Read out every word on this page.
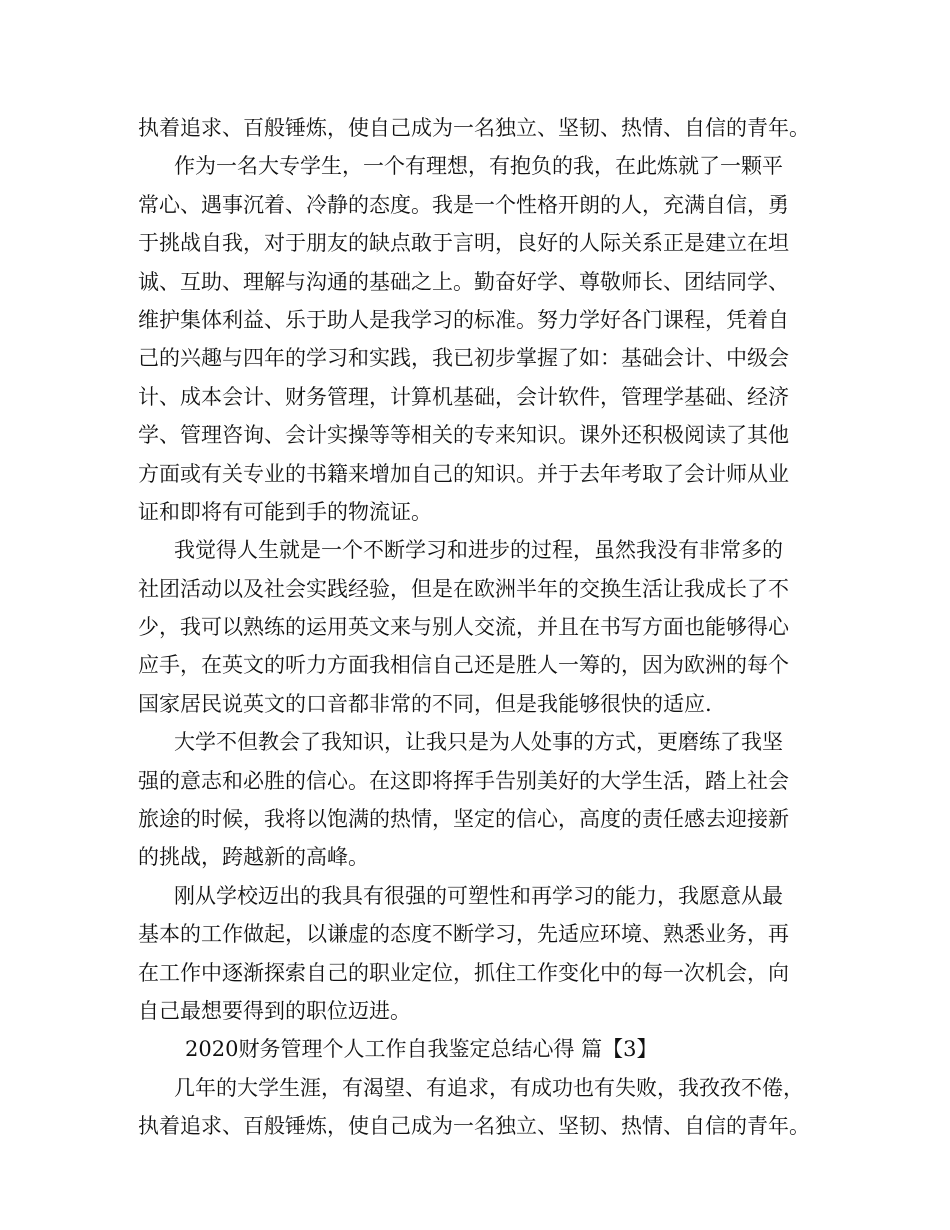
执着追求、百般锤炼，使自己成为一名独立、坚韧、热情、自信的青年。
作为一名大专学生，一个有理想，有抱负的我，在此炼就了一颗平
常心、遇事沉着、冷静的态度。我是一个性格开朗的人，充满自信，勇
于挑战自我，对于朋友的缺点敢于言明，良好的人际关系正是建立在坦
诚、互助、理解与沟通的基础之上。勤奋好学、尊敬师长、团结同学、
维护集体利益、乐于助人是我学习的标准。努力学好各门课程，凭着自
己的兴趣与四年的学习和实践，我已初步掌握了如：基础会计、中级会
计、成本会计、财务管理，计算机基础，会计软件，管理学基础、经济
学、管理咨询、会计实操等等相关的专来知识。课外还积极阅读了其他
方面或有关专业的书籍来增加自己的知识。并于去年考取了会计师从业
证和即将有可能到手的物流证。
我觉得人生就是一个不断学习和进步的过程，虽然我没有非常多的
社团活动以及社会实践经验，但是在欧洲半年的交换生活让我成长了不
少，我可以熟练的运用英文来与别人交流，并且在书写方面也能够得心
应手，在英文的听力方面我相信自己还是胜人一筹的，因为欧洲的每个
国家居民说英文的口音都非常的不同，但是我能够很快的适应.
大学不但教会了我知识，让我只是为人处事的方式，更磨练了我坚
强的意志和必胜的信心。在这即将挥手告别美好的大学生活，踏上社会
旅途的时候，我将以饱满的热情，坚定的信心，高度的责任感去迎接新
的挑战，跨越新的高峰。
刚从学校迈出的我具有很强的可塑性和再学习的能力，我愿意从最
基本的工作做起，以谦虚的态度不断学习，先适应环境、熟悉业务，再
在工作中逐渐探索自己的职业定位，抓住工作变化中的每一次机会，向
自己最想要得到的职位迈进。
2020财务管理个人工作自我鉴定总结心得 篇【3】
几年的大学生涯，有渴望、有追求，有成功也有失败，我孜孜不倦，
执着追求、百般锤炼，使自己成为一名独立、坚韧、热情、自信的青年。
